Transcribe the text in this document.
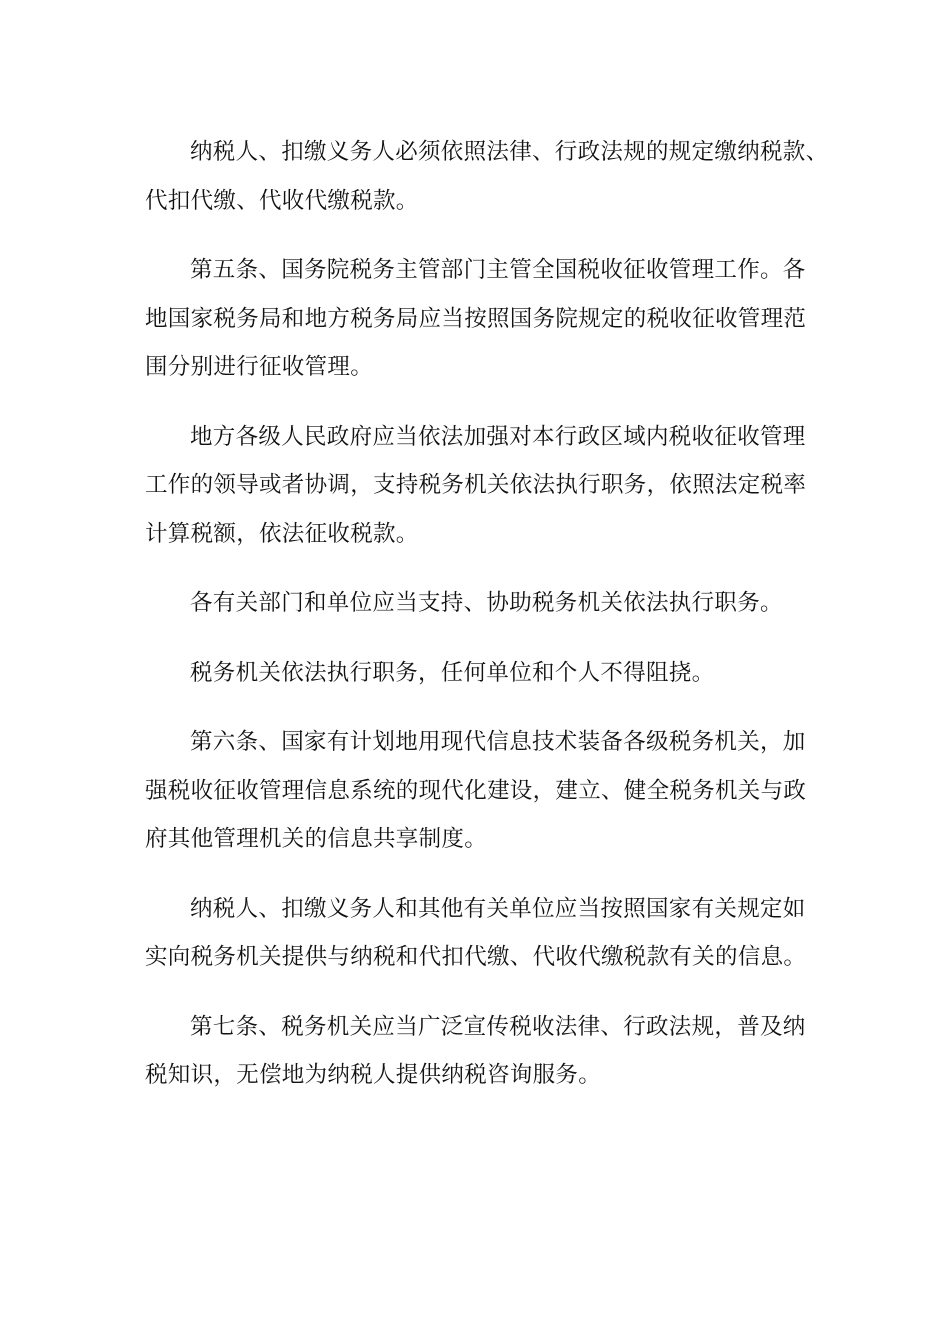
纳税人、扣缴义务人必须依照法律、行政法规的规定缴纳税款、
代扣代缴、代收代缴税款。

第五条、国务院税务主管部门主管全国税收征收管理工作。各
地国家税务局和地方税务局应当按照国务院规定的税收征收管理范
围分别进行征收管理。

地方各级人民政府应当依法加强对本行政区域内税收征收管理
工作的领导或者协调，支持税务机关依法执行职务，依照法定税率
计算税额，依法征收税款。

各有关部门和单位应当支持、协助税务机关依法执行职务。

税务机关依法执行职务，任何单位和个人不得阻挠。

第六条、国家有计划地用现代信息技术装备各级税务机关，加
强税收征收管理信息系统的现代化建设，建立、健全税务机关与政
府其他管理机关的信息共享制度。

纳税人、扣缴义务人和其他有关单位应当按照国家有关规定如
实向税务机关提供与纳税和代扣代缴、代收代缴税款有关的信息。

第七条、税务机关应当广泛宣传税收法律、行政法规，普及纳
税知识，无偿地为纳税人提供纳税咨询服务。
